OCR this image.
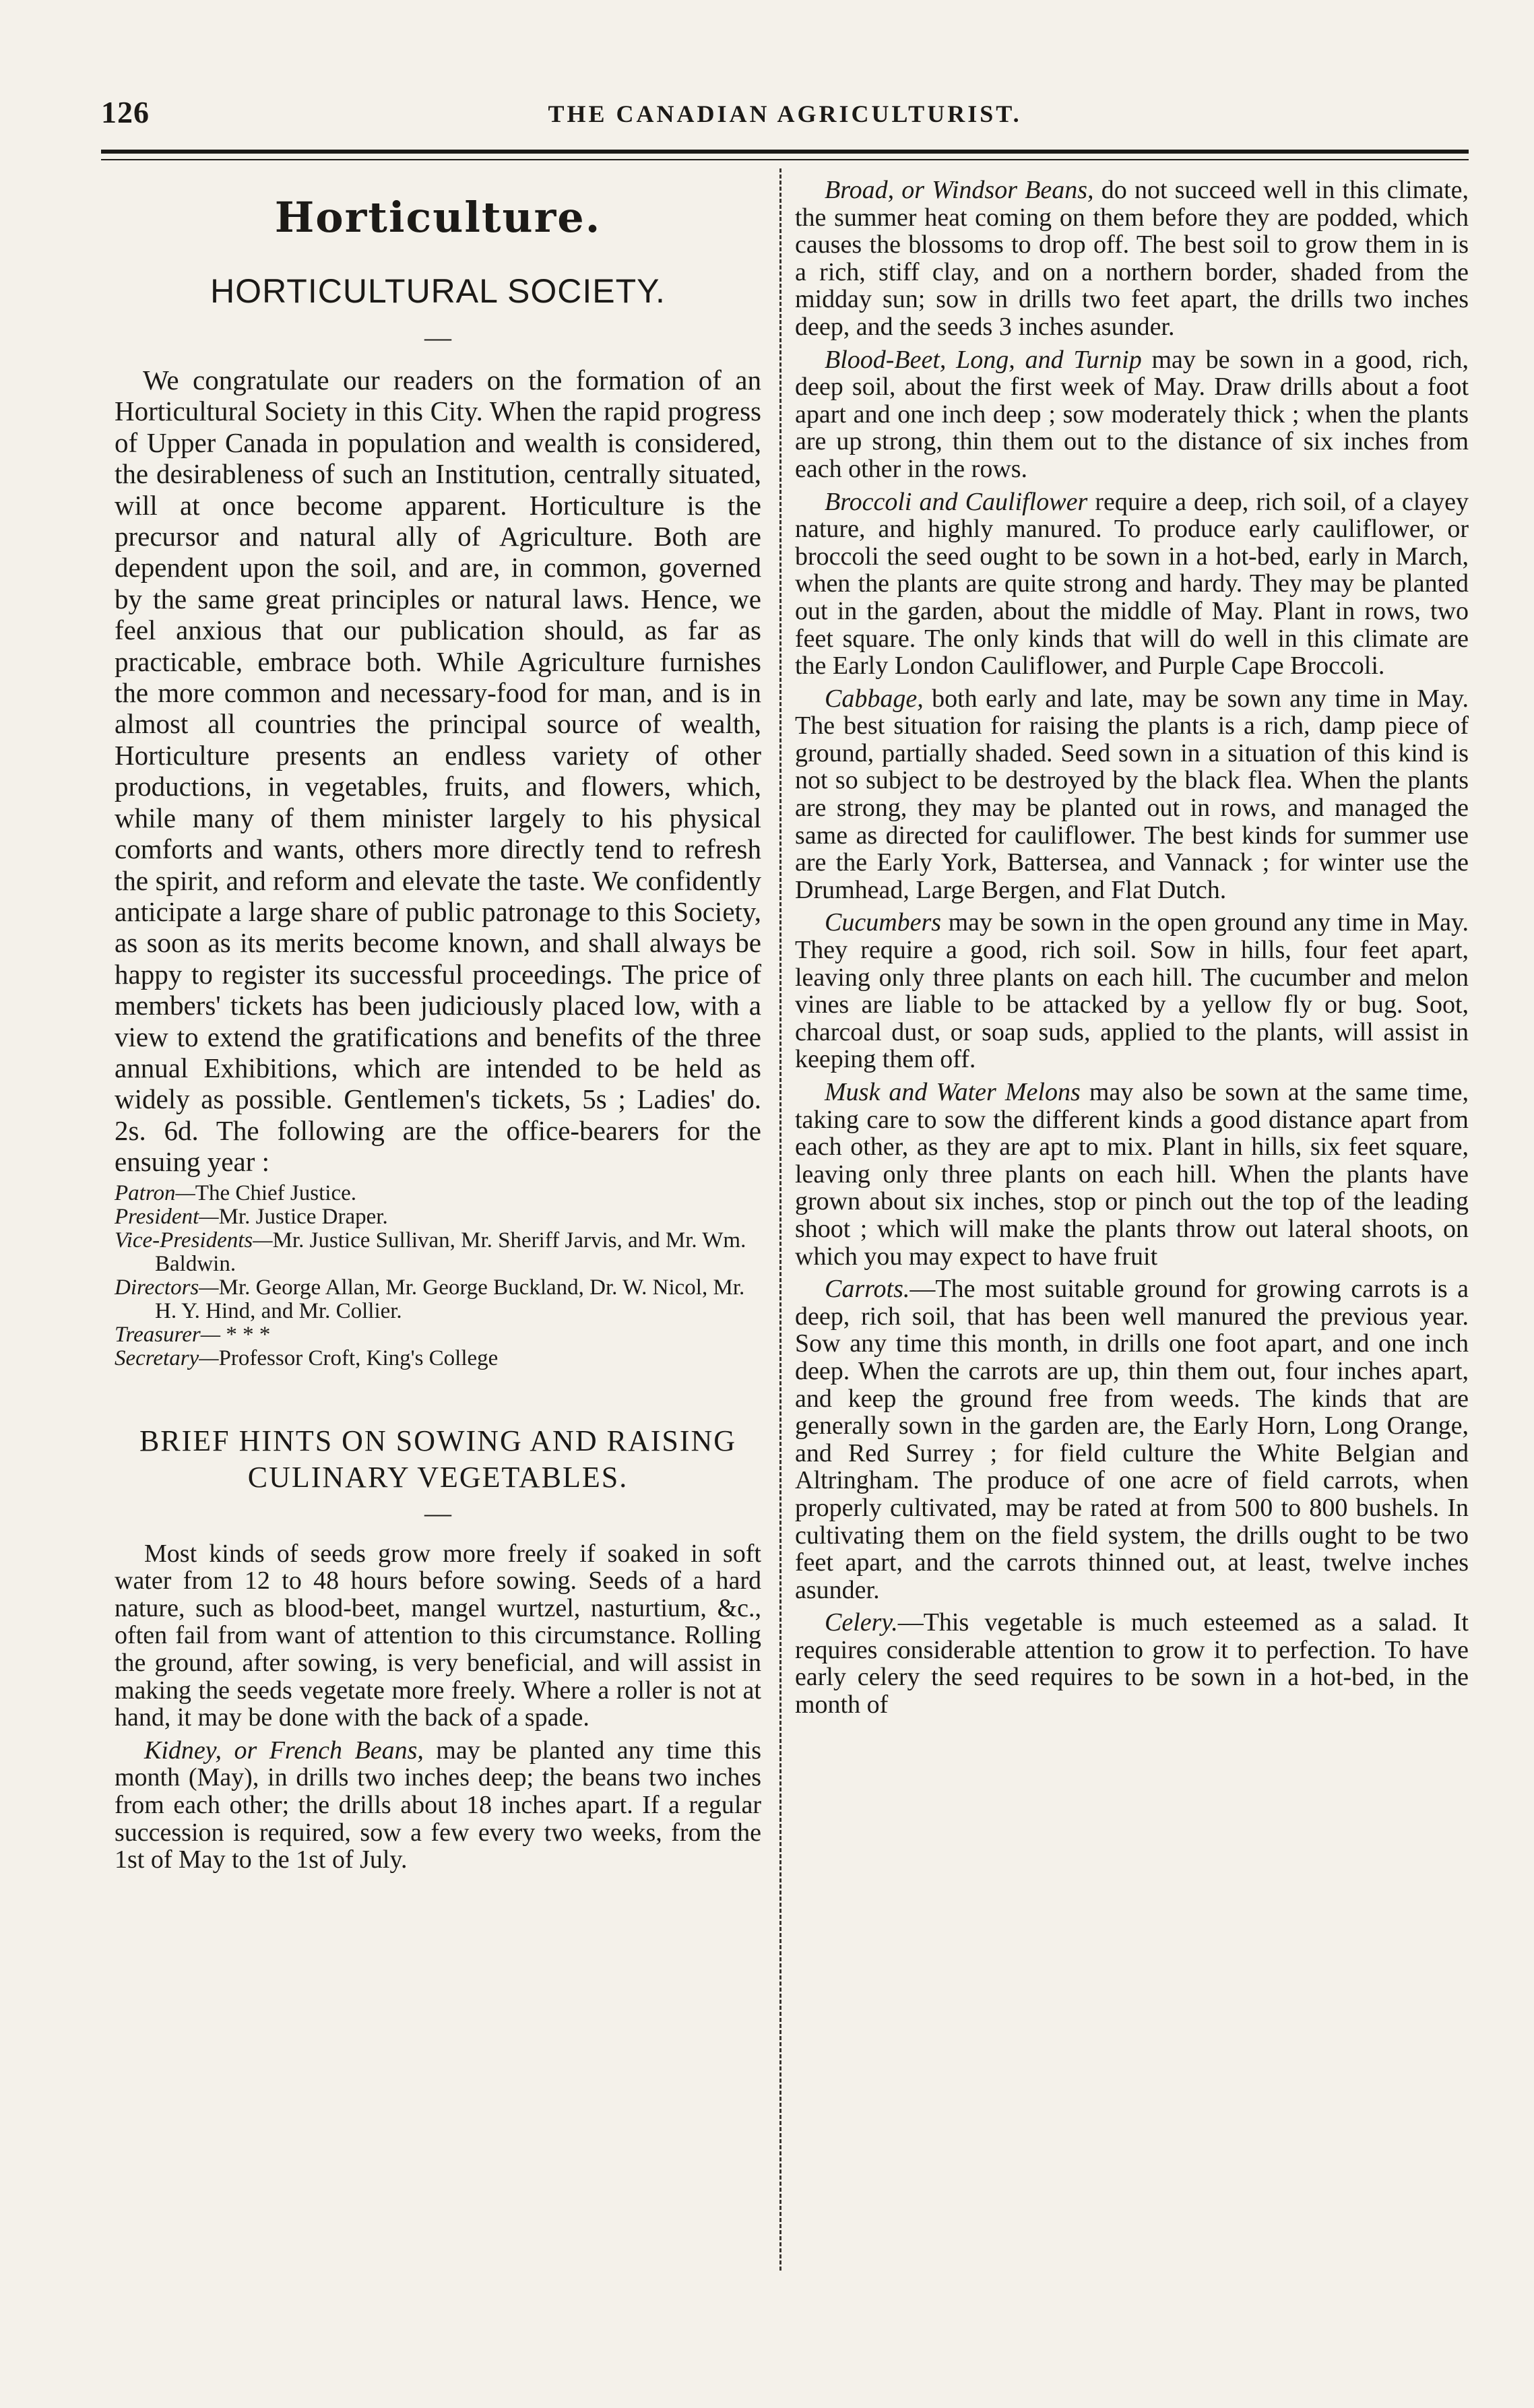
126	THE CANADIAN AGRICULTURIST.
Horticulture.
HORTICULTURAL SOCIETY.
—

We congratulate our readers on the formation of an Horticultural Society in this City. When the rapid progress of Upper Canada in population and wealth is considered, the desirableness of such an Institution, centrally situated, will at once become apparent. Horticulture is the precursor and natural ally of Agriculture. Both are dependent upon the soil, and are, in common, governed by the same great principles or natural laws. Hence, we feel anxious that our publication should, as far as practicable, embrace both. While Agriculture furnishes the more common and necessary-food for man, and is in almost all countries the principal source of wealth, Horticulture presents an endless variety of other productions, in vegetables, fruits, and flowers, which, while many of them minister largely to his physical comforts and wants, others more directly tend to refresh the spirit, and reform and elevate the taste. We confidently anticipate a large share of public patronage to this Society, as soon as its merits become known, and shall always be happy to register its successful proceedings. The price of members' tickets has been judiciously placed low, with a view to extend the gratifications and benefits of the three annual Exhibitions, which are intended to be held as widely as possible. Gentlemen's tickets, 5s ; Ladies' do. 2s. 6d. The following are the office-bearers for the ensuing year :

Patron—The Chief Justice.

President—Mr. Justice Draper.

Vice-Presidents—Mr. Justice Sullivan, Mr. Sheriff Jarvis, and Mr. Wm. Baldwin.

Directors—Mr. George Allan, Mr. George Buckland, Dr. W. Nicol, Mr. H. Y. Hind, and Mr. Collier.

Treasurer— * * *

Secretary—Professor Croft, King's College

BRIEF HINTS ON SOWING AND RAISING
CULINARY VEGETABLES.
—

Most kinds of seeds grow more freely if soaked in soft water from 12 to 48 hours before sowing. Seeds of a hard nature, such as blood-beet, mangel wurtzel, nasturtium, &c., often fail from want of attention to this circumstance. Rolling the ground, after sowing, is very beneficial, and will assist in making the seeds vegetate more freely. Where a roller is not at hand, it may be done with the back of a spade.

Kidney, or French Beans, may be planted any time this month (May), in drills two inches deep; the beans two inches from each other; the drills about 18 inches apart. If a regular succession is required, sow a few every two weeks, from the 1st of May to the 1st of July.

Broad, or Windsor Beans, do not succeed well in this climate, the summer heat coming on them before they are podded, which causes the blossoms to drop off. The best soil to grow them in is a rich, stiff clay, and on a northern border, shaded from the midday sun; sow in drills two feet apart, the drills two inches deep, and the seeds 3 inches asunder.

Blood-Beet, Long, and Turnip may be sown in a good, rich, deep soil, about the first week of May. Draw drills about a foot apart and one inch deep ; sow moderately thick ; when the plants are up strong, thin them out to the distance of six inches from each other in the rows.

Broccoli and Cauliflower require a deep, rich soil, of a clayey nature, and highly manured. To produce early cauliflower, or broccoli the seed ought to be sown in a hot-bed, early in March, when the plants are quite strong and hardy. They may be planted out in the garden, about the middle of May. Plant in rows, two feet square. The only kinds that will do well in this climate are the Early London Cauliflower, and Purple Cape Broccoli.

Cabbage, both early and late, may be sown any time in May. The best situation for raising the plants is a rich, damp piece of ground, partially shaded. Seed sown in a situation of this kind is not so subject to be destroyed by the black flea. When the plants are strong, they may be planted out in rows, and managed the same as directed for cauliflower. The best kinds for summer use are the Early York, Battersea, and Vannack ; for winter use the Drumhead, Large Bergen, and Flat Dutch.

Cucumbers may be sown in the open ground any time in May. They require a good, rich soil. Sow in hills, four feet apart, leaving only three plants on each hill. The cucumber and melon vines are liable to be attacked by a yellow fly or bug. Soot, charcoal dust, or soap suds, applied to the plants, will assist in keeping them off.

Musk and Water Melons may also be sown at the same time, taking care to sow the different kinds a good distance apart from each other, as they are apt to mix. Plant in hills, six feet square, leaving only three plants on each hill. When the plants have grown about six inches, stop or pinch out the top of the leading shoot ; which will make the plants throw out lateral shoots, on which you may expect to have fruit

Carrots.—The most suitable ground for growing carrots is a deep, rich soil, that has been well manured the previous year. Sow any time this month, in drills one foot apart, and one inch deep. When the carrots are up, thin them out, four inches apart, and keep the ground free from weeds. The kinds that are generally sown in the garden are, the Early Horn, Long Orange, and Red Surrey ; for field culture the White Belgian and Altringham. The produce of one acre of field carrots, when properly cultivated, may be rated at from 500 to 800 bushels. In cultivating them on the field system, the drills ought to be two feet apart, and the carrots thinned out, at least, twelve inches asunder.

Celery.—This vegetable is much esteemed as a salad. It requires considerable attention to grow it to perfection. To have early celery the seed requires to be sown in a hot-bed, in the month of
